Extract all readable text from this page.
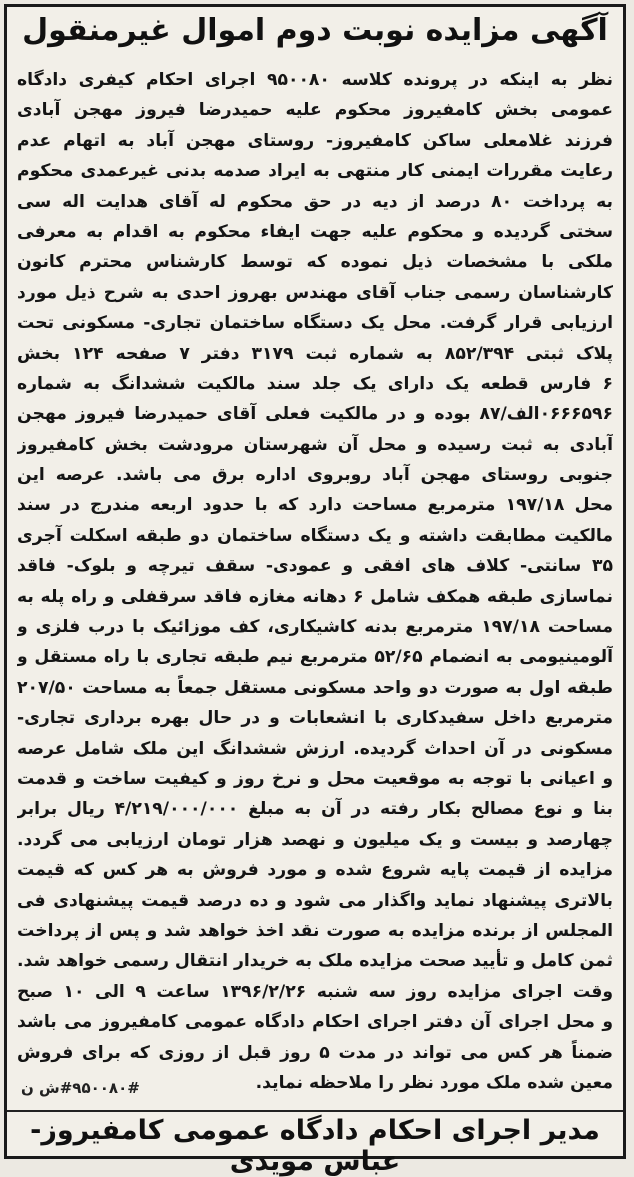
آگهی مزایده نوبت دوم اموال غیرمنقول
نظر به اینکه در پرونده کلاسه ۹۵۰۰۸۰ اجرای احکام کیفری دادگاه
عمومی بخش کامفیروز محکوم علیه حمیدرضا فیروز مهجن آبادی
فرزند غلامعلی ساکن کامفیروز- روستای مهجن آباد به اتهام عدم
رعایت مقررات ایمنی کار منتهی به ایراد صدمه بدنی غیرعمدی محکوم
به پرداخت ۸۰ درصد از دیه در حق محکوم له آقای هدایت اله سی
سختی گردیده و محکوم علیه جهت ایفاء محکوم به اقدام به معرفی
ملکی با مشخصات ذیل نموده که توسط کارشناس محترم کانون
کارشناسان رسمی جناب آقای مهندس بهروز احدی به شرح ذیل مورد
ارزیابی قرار گرفت. محل یک دستگاه ساختمان تجاری- مسکونی تحت
پلاک ثبتی ۸۵۲/۳۹۴ به شماره ثبت ۳۱۷۹ دفتر ۷ صفحه ۱۲۴ بخش
۶ فارس قطعه یک دارای یک جلد سند مالکیت ششدانگ به شماره
۰۶۶۶۵۹۶الف/۸۷ بوده و در مالکیت فعلی آقای حمیدرضا فیروز مهجن
آبادی به ثبت رسیده و محل آن شهرستان مرودشت بخش کامفیروز
جنوبی روستای مهجن آباد روبروی اداره برق می باشد. عرصه این
محل ۱۹۷/۱۸ مترمربع مساحت دارد که با حدود اربعه مندرج در سند
مالکیت مطابقت داشته و یک دستگاه ساختمان دو طبقه اسکلت آجری
۳۵ سانتی- کلاف های افقی و عمودی- سقف تیرچه و بلوک- فاقد
نماسازی طبقه همکف شامل ۶ دهانه مغازه فاقد سرقفلی و راه پله به
مساحت ۱۹۷/۱۸ مترمربع بدنه کاشیکاری، کف موزائیک با درب فلزی و
آلومینیومی به انضمام ۵۲/۶۵ مترمربع نیم طبقه تجاری با راه مستقل و
طبقه اول به صورت دو واحد مسکونی مستقل جمعاً به مساحت ۲۰۷/۵۰
مترمربع داخل سفیدکاری با انشعابات و در حال بهره برداری تجاری-
مسکونی در آن احداث گردیده. ارزش ششدانگ این ملک شامل عرصه
و اعیانی با توجه به موقعیت محل و نرخ روز و کیفیت ساخت و قدمت
بنا و نوع مصالح بکار رفته در آن به مبلغ ۴/۲۱۹/۰۰۰/۰۰۰ ریال برابر
چهارصد و بیست و یک میلیون و نهصد هزار تومان ارزیابی می گردد.
مزایده از قیمت پایه شروع شده و مورد فروش به هر کس که قیمت
بالاتری پیشنهاد نماید واگذار می شود و ده درصد قیمت پیشنهادی فی
المجلس از برنده مزایده به صورت نقد اخذ خواهد شد و پس از پرداخت
ثمن کامل و تأیید صحت مزایده ملک به خریدار انتقال رسمی خواهد شد.
وقت اجرای مزایده روز سه شنبه ۱۳۹۶/۲/۲۶ ساعت ۹ الی ۱۰ صبح
و محل اجرای آن دفتر اجرای احکام دادگاه عمومی کامفیروز می باشد
ضمناً هر کس می تواند در مدت ۵ روز قبل از روزی که برای فروش
معین شده ملک مورد نظر را ملاحظه نماید.
#۹۵۰۰۸۰#ش ن
مدیر اجرای احکام دادگاه عمومی کامفیروز- عباس مویدی
